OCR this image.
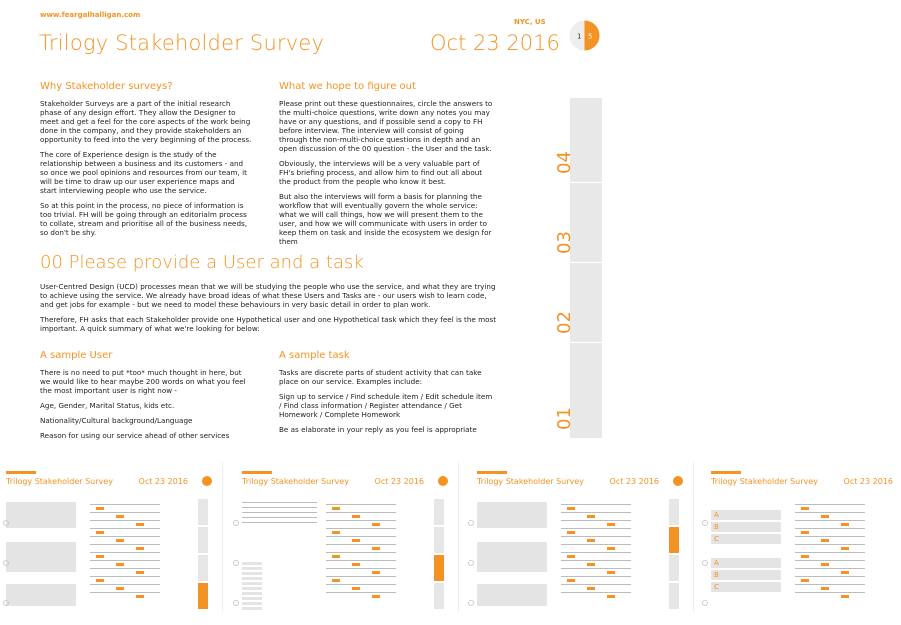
www.feargalhalligan.com
Trilogy Stakeholder Survey
NYC, US
Oct 23 2016 1 5
Why Stakeholder surveys?

Stakeholder Surveys are a part of the initial research phase of any design effort. They allow the Designer to meet and get a feel for the core aspects of the work being done in the company, and they provide stakeholders an opportunity to feed into the very beginning of the process.

The core of Experience design is the study of the relationship between a business and its customers - and so once we pool opinions and resources from our team, it will be time to draw up our user experience maps and start interviewing people who use the service.

So at this point in the process, no piece of information is too trivial. FH will be going through an editorialm process to collate, stream and prioritise all of the business needs, so don't be shy.

What we hope to figure out

Please print out these questionnaires, circle the answers to the multi-choice questions, write down any notes you may have or any questions, and if possible send a copy to FH before interview. The interview will consist of going through the non-multi-choice questions in depth and an open discussion of the 00 question - the User and the task.

Obviously, the interviews will be a very valuable part of FH's briefing process, and allow him to find out all about the product from the people who know it best.

But also the interviews will form a basis for planning the workflow that will eventually govern the whole service: what we will call things, how we will present them to the user, and how we will communicate with users in order to keep them on task and inside the ecosystem we design for them

00 Please provide a User and a task

User-Centred Design (UCD) processes mean that we will be studying the people who use the service, and what they are trying to achieve using the service. We already have broad ideas of what these Users and Tasks are - our users wish to learn code, and get jobs for example - but we need to model these behaviours in very basic detail in order to plan work.

Therefore, FH asks that each Stakeholder provide one Hypothetical user and one Hypothetical task which they feel is the most important. A quick summary of what we're looking for below:

A sample User

There is no need to put *too* much thought in here, but we would like to hear maybe 200 words on what you feel the most important user is right now -

Age, Gender, Marital Status, kids etc.

Nationality/Cultural background/Language

Reason for using our service ahead of other services

A sample task

Tasks are discrete parts of student activity that can take place on our service. Examples include:

Sign up to service / Find schedule item / Edit schedule item / Find class information / Register attendance / Get Homework / Complete Homework

Be as elaborate in your reply as you feel is appropriate

04
03
02
01
Trilogy Stakeholder Survey	Oct 23 2016	Trilogy Stakeholder Survey	Oct 23 2016	Trilogy Stakeholder Survey	Oct 23 2016	Trilogy Stakeholder Survey	Oct 23 2016
A
B
C
A
B
C
